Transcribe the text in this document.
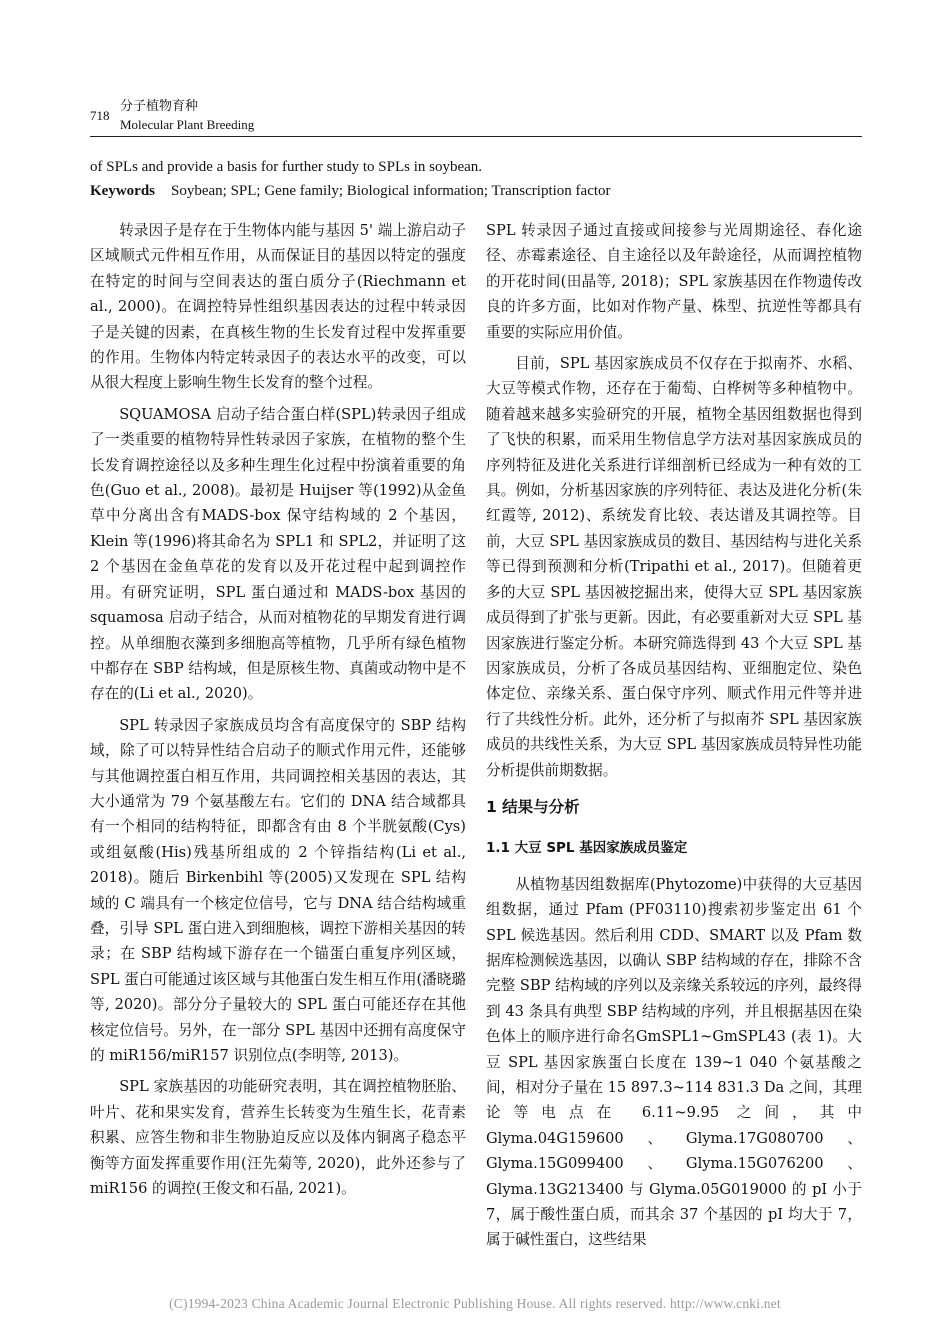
718
分子植物育种
Molecular Plant Breeding
of SPLs and provide a basis for further study to SPLs in soybean.
Keywords Soybean; SPL; Gene family; Biological information; Transcription factor

转录因子是存在于生物体内能与基因 5' 端上游启动子区域顺式元件相互作用，从而保证目的基因以特定的强度在特定的时间与空间表达的蛋白质分子(Riechmann et al., 2000)。在调控特异性组织基因表达的过程中转录因子是关键的因素，在真核生物的生长发育过程中发挥重要的作用。生物体内特定转录因子的表达水平的改变，可以从很大程度上影响生物生长发育的整个过程。

SQUAMOSA 启动子结合蛋白样(SPL)转录因子组成了一类重要的植物特异性转录因子家族，在植物的整个生长发育调控途径以及多种生理生化过程中扮演着重要的角色(Guo et al., 2008)。最初是 Huijser 等(1992)从金鱼草中分离出含有MADS-box 保守结构域的 2 个基因，Klein 等(1996)将其命名为 SPL1 和 SPL2，并证明了这 2 个基因在金鱼草花的发育以及开花过程中起到调控作用。有研究证明，SPL 蛋白通过和 MADS-box 基因的 squamosa 启动子结合，从而对植物花的早期发育进行调控。从单细胞衣藻到多细胞高等植物，几乎所有绿色植物中都存在 SBP 结构域，但是原核生物、真菌或动物中是不存在的(Li et al., 2020)。

SPL 转录因子家族成员均含有高度保守的 SBP 结构域，除了可以特异性结合启动子的顺式作用元件，还能够与其他调控蛋白相互作用，共同调控相关基因的表达，其大小通常为 79 个氨基酸左右。它们的 DNA 结合域都具有一个相同的结构特征，即都含有由 8 个半胱氨酸(Cys)或组氨酸(His)残基所组成的 2 个锌指结构(Li et al., 2018)。随后 Birkenbihl 等(2005)又发现在 SPL 结构域的 C 端具有一个核定位信号，它与 DNA 结合结构域重叠，引导 SPL 蛋白进入到细胞核，调控下游相关基因的转录；在 SBP 结构域下游存在一个锚蛋白重复序列区域，SPL 蛋白可能通过该区域与其他蛋白发生相互作用(潘晓璐等, 2020)。部分分子量较大的 SPL 蛋白可能还存在其他核定位信号。另外，在一部分 SPL 基因中还拥有高度保守的 miR156/miR157 识别位点(李明等, 2013)。

SPL 家族基因的功能研究表明，其在调控植物胚胎、叶片、花和果实发育，营养生长转变为生殖生长，花青素积累、应答生物和非生物胁迫反应以及体内铜离子稳态平衡等方面发挥重要作用(汪先菊等, 2020)，此外还参与了 miR156 的调控(王俊文和石晶, 2021)。

SPL 转录因子通过直接或间接参与光周期途径、春化途径、赤霉素途径、自主途径以及年龄途径，从而调控植物的开花时间(田晶等, 2018)；SPL 家族基因在作物遗传改良的许多方面，比如对作物产量、株型、抗逆性等都具有重要的实际应用价值。

目前，SPL 基因家族成员不仅存在于拟南芥、水稻、大豆等模式作物，还存在于葡萄、白桦树等多种植物中。随着越来越多实验研究的开展，植物全基因组数据也得到了飞快的积累，而采用生物信息学方法对基因家族成员的序列特征及进化关系进行详细剖析已经成为一种有效的工具。例如，分析基因家族的序列特征、表达及进化分析(朱红霞等, 2012)、系统发育比较、表达谱及其调控等。目前，大豆 SPL 基因家族成员的数目、基因结构与进化关系等已得到预测和分析(Tripathi et al., 2017)。但随着更多的大豆 SPL 基因被挖掘出来，使得大豆 SPL 基因家族成员得到了扩张与更新。因此，有必要重新对大豆 SPL 基因家族进行鉴定分析。本研究筛选得到 43 个大豆 SPL 基因家族成员，分析了各成员基因结构、亚细胞定位、染色体定位、亲缘关系、蛋白保守序列、顺式作用元件等并进行了共线性分析。此外，还分析了与拟南芥 SPL 基因家族成员的共线性关系，为大豆 SPL 基因家族成员特异性功能分析提供前期数据。

1 结果与分析
1.1 大豆 SPL 基因家族成员鉴定

从植物基因组数据库(Phytozome)中获得的大豆基因组数据，通过 Pfam (PF03110)搜索初步鉴定出 61 个 SPL 候选基因。然后利用 CDD、SMART 以及 Pfam 数据库检测候选基因，以确认 SBP 结构域的存在，排除不含完整 SBP 结构域的序列以及亲缘关系较远的序列，最终得到 43 条具有典型 SBP 结构域的序列，并且根据基因在染色体上的顺序进行命名GmSPL1~GmSPL43 (表 1)。大豆 SPL 基因家族蛋白长度在 139~1 040 个氨基酸之间，相对分子量在 15 897.3~114 831.3 Da 之间，其理论等电点在 6.11~9.95 之间，其中 Glyma.04G159600、Glyma.17G080700、Glyma.15G099400、Glyma.15G076200、Glyma.13G213400 与 Glyma.05G019000 的 pI 小于 7，属于酸性蛋白质，而其余 37 个基因的 pI 均大于 7，属于碱性蛋白，这些结果

(C)1994-2023 China Academic Journal Electronic Publishing House. All rights reserved. http://www.cnki.net
